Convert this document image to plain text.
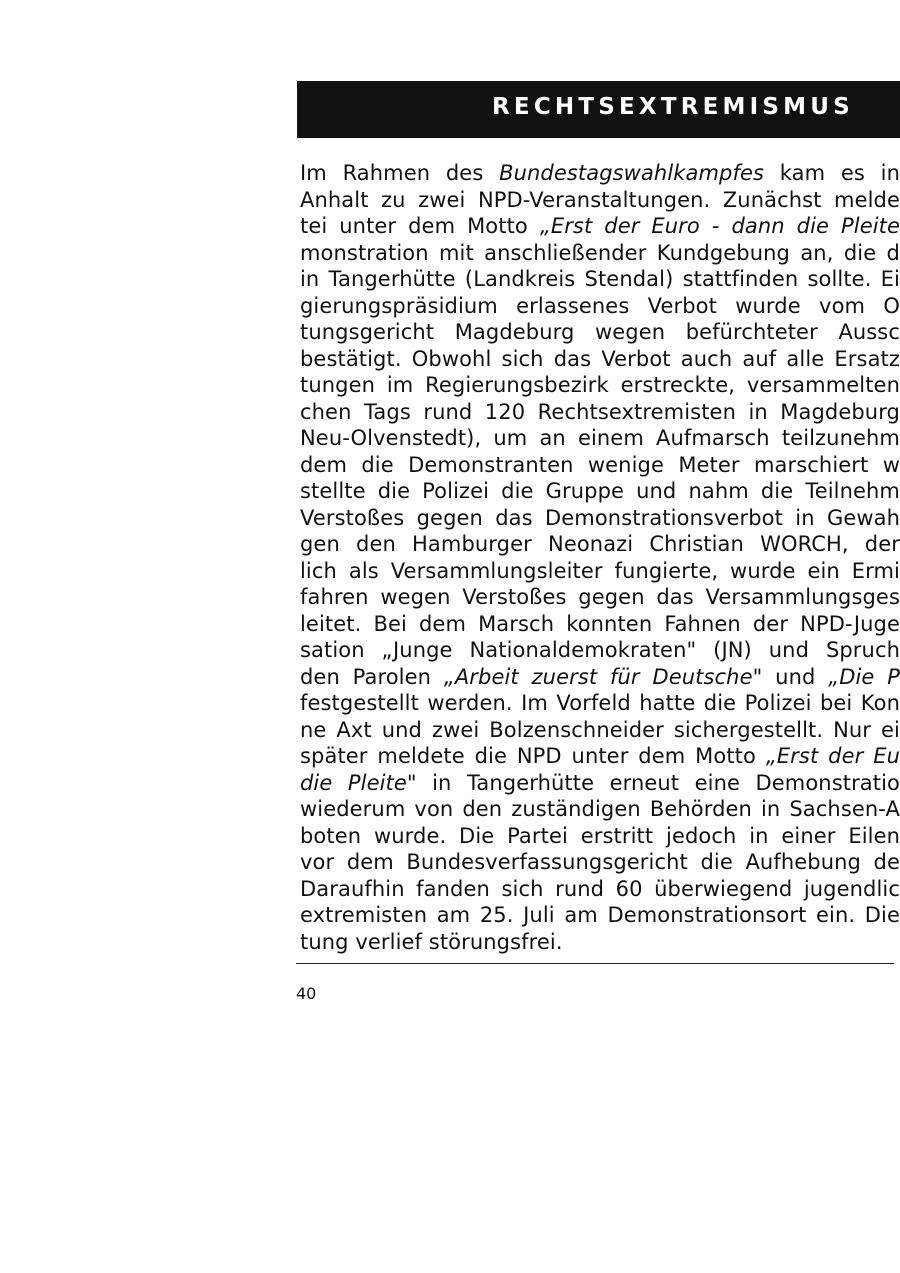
RECHTSEXTREMISMUS
Im Rahmen des Bundestagswahlkampfes kam es in
Anhalt zu zwei NPD-Veranstaltungen. Zunächst melde
tei unter dem Motto „Erst der Euro - dann die Pleite
monstration mit anschließender Kundgebung an, die d
in Tangerhütte (Landkreis Stendal) stattfinden sollte. Ei
gierungspräsidium erlassenes Verbot wurde vom O
tungsgericht Magdeburg wegen befürchteter Aussc
bestätigt. Obwohl sich das Verbot auch auf alle Ersatz
tungen im Regierungsbezirk erstreckte, versammelten
chen Tags rund 120 Rechtsextremisten in Magdeburg
Neu-Olvenstedt), um an einem Aufmarsch teilzunehm
dem die Demonstranten wenige Meter marschiert w
stellte die Polizei die Gruppe und nahm die Teilnehm
Verstoßes gegen das Demonstrationsverbot in Gewah
gen den Hamburger Neonazi Christian WORCH, der
lich als Versammlungsleiter fungierte, wurde ein Ermi
fahren wegen Verstoßes gegen das Versammlungsges
leitet. Bei dem Marsch konnten Fahnen der NPD-Juge
sation „Junge Nationaldemokraten" (JN) und Spruch
den Parolen „Arbeit zuerst für Deutsche" und „Die P
festgestellt werden. Im Vorfeld hatte die Polizei bei Kon
ne Axt und zwei Bolzenschneider sichergestellt. Nur ei
später meldete die NPD unter dem Motto „Erst der Eu
die Pleite" in Tangerhütte erneut eine Demonstratio
wiederum von den zuständigen Behörden in Sachsen-A
boten wurde. Die Partei erstritt jedoch in einer Eilen
vor dem Bundesverfassungsgericht die Aufhebung de
Daraufhin fanden sich rund 60 überwiegend jugendlic
extremisten am 25. Juli am Demonstrationsort ein. Die
tung verlief störungsfrei.
40
